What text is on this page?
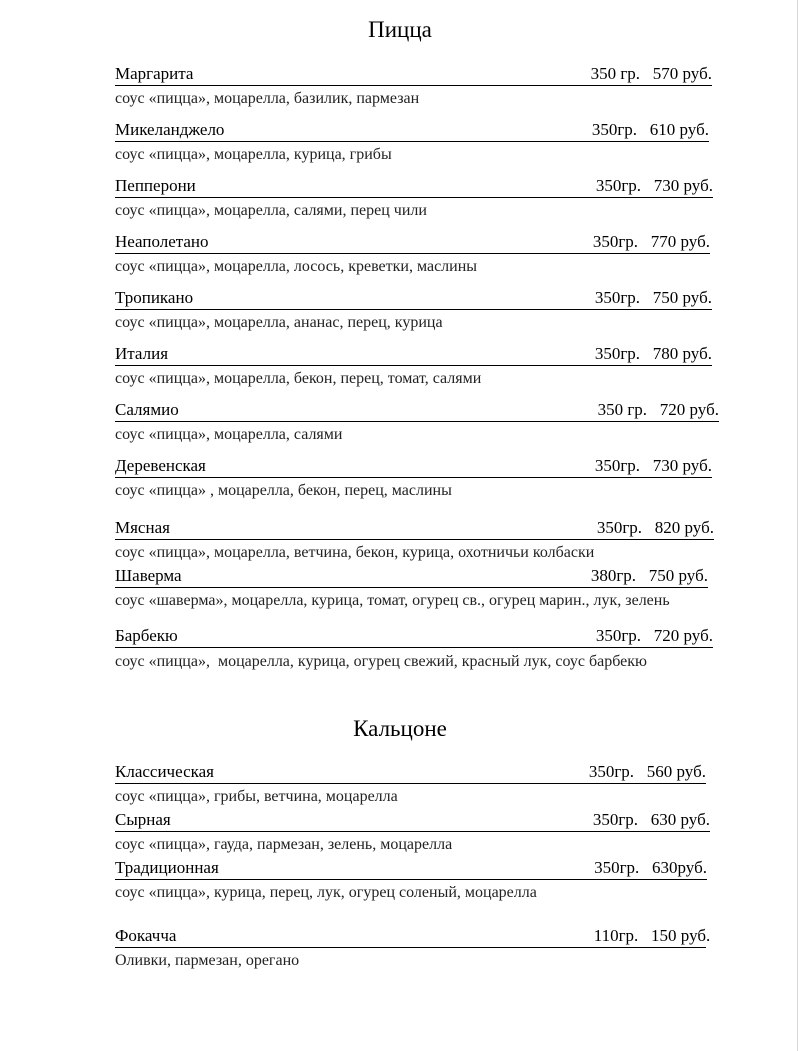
Пицца
Маргарита	350 гр.   570 руб.
соус «пицца», моцарелла, базилик, пармезан
Микеланджело	350гр.   610 руб.
соус «пицца», моцарелла, курица, грибы
Пепперони	350гр.   730 руб.
соус «пицца», моцарелла, салями, перец чили
Неаполетано	350гр.   770 руб.
соус «пицца», моцарелла, лосось, креветки, маслины
Тропикано	350гр.   750 руб.
соус «пицца», моцарелла, ананас, перец, курица
Италия	350гр.   780 руб.
соус «пицца», моцарелла, бекон, перец, томат, салями
Салямио	350 гр.   720 руб.
соус «пицца», моцарелла, салями
Деревенская	350гр.   730 руб.
соус «пицца» , моцарелла, бекон, перец, маслины
Мясная	350гр.   820 руб.
соус «пицца», моцарелла, ветчина, бекон, курица, охотничьи колбаски
Шаверма	380гр.   750 руб.
соус «шаверма», моцарелла, курица, томат, огурец св., огурец марин., лук, зелень
Барбекю	350гр.   720 руб.
соус «пицца»,  моцарелла, курица, огурец свежий, красный лук, соус барбекю
Кальцоне
Классическая	350гр.   560 руб.
соус «пицца», грибы, ветчина, моцарелла
Сырная	350гр.   630 руб.
соус «пицца», гауда, пармезан, зелень, моцарелла
Традиционная	350гр.   630руб.
соус «пицца», курица, перец, лук, огурец соленый, моцарелла
Фокачча	110гр.   150 руб .
Оливки, пармезан, орегано
